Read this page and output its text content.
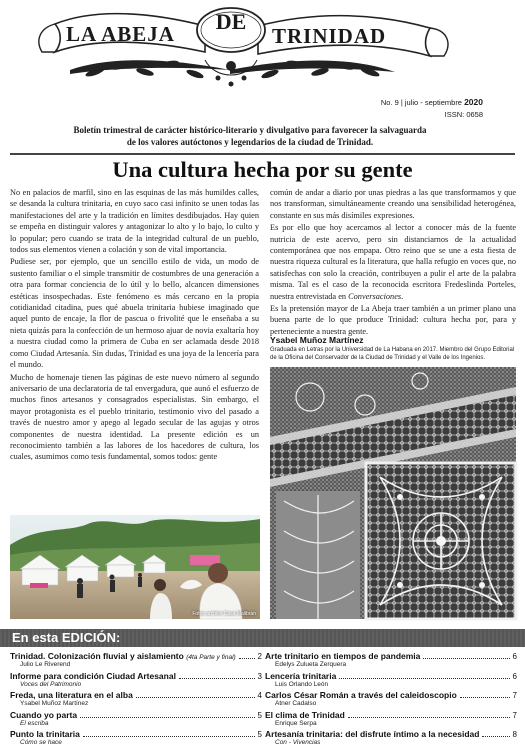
LA ABEJA	DE
TRINIDAD
No. 9 | julio - septiembre 2020
ISSN: 0658
Boletín trimestral de carácter histórico-literario y divulgativo para favorecer la salvaguarda
de los valores autóctonos y legendarios de la ciudad de Trinidad.
Una cultura hecha por su gente

No en palacios de marfil, sino en las esquinas de las más humildes calles, se desanda la cultura trinitaria, en cuyo saco casi infinito se unen todas las manifestaciones del arte y la tradición en límites desdibujados. Hay quien se empeña en distinguir valores y antagonizar lo alto y lo bajo, lo culto y lo popular; pero cuando se trata de la integridad cultural de un pueblo, todos sus elementos vienen a colación y son de vital importancia.

Pudiese ser, por ejemplo, que un sencillo estilo de vida, un modo de sustento familiar o el simple transmitir de costumbres de una generación a otra para formar conciencia de lo útil y lo bello, alcancen dimensiones estéticas insospechadas. Este fenómeno es más cercano en la propia cotidianidad citadina, pues qué abuela trinitaria hubiese imaginado que aquel punto de encaje, la flor de pascua o frivolité que le enseñaba a su nieta quizás para la confección de un hermoso ajuar de novia exaltaría hoy a nuestra ciudad como la primera de Cuba en ser aclamada desde 2018 como Ciudad Artesanía. Sin dudas, Trinidad es una joya de la lencería para el mundo.

Mucho de homenaje tienen las páginas de este nuevo número al segundo aniversario de una declaratoria de tal envergadura, que aunó el esfuerzo de muchos finos artesanos y consagrados especialistas. Sin embargo, el mayor protagonista es el pueblo trinitario, testimonio vivo del pasado a través de nuestro amor y apego al legado secular de las agujas y otros componentes de nuestra identidad. La presente edición es un reconocimiento también a las labores de los hacedores de cultura, los cuales, asumimos como tesis fundamental, somos todos: gente

común de andar a diario por unas piedras a las que transformamos y que nos transforman, simultáneamente creando una sensibilidad heterogénea, constante en sus más disímiles expresiones.

Es por ello que hoy acercamos al lector a conocer más de la fuente nutricia de este acervo, pero sin distanciarnos de la actualidad contemporánea que nos empapa. Otro reino que se une a esta fiesta de nuestra riqueza cultural es la literatura, que halla refugio en voces que, no satisfechas con solo la creación, contribuyen a pulir el arte de la palabra misma. Tal es el caso de la reconocida escritora Fredeslinda Porteles, nuestra entrevistada en Conversaciones.

Es la pretensión mayor de La Abeja traer también a un primer plano una buena parte de lo que produce Trinidad: cultura hecha por, para y perteneciente a nuestra gente.

Ysabel Muñoz Martínez
Graduada en Letras por la Universidad de La Habana en 2017. Miembro del Grupo Editorial de la Oficina del Conservador de la Ciudad de Trinidad y el Valle de los Ingenios.
Fotos archivo Casa Malibrán
En esta EDICIÓN:
Trinidad. Colonización fluvial y aislamiento (4ta Parte y final)	2
Julio Le Riverend
Informe para condición Ciudad Artesanal	3
Voces del Patrimonio
Freda, una literatura en el alba	4
Ysabel Muñoz Martínez
Cuando yo parta	5
El escriba
Punto la trinitaria	5
Cómo se hace
Arte trinitario en tiempos de pandemia	6
Edelys Zulueta Zerquera
Lencería trinitaria	6
Luis Orlando León
Carlos César Román a través del caleidoscopio	7
Atner Cadalso
El clima de Trinidad	7
Enrique Serpa
Artesanía trinitaria: del disfrute íntimo a la necesidad	8
Con - Vivencias
